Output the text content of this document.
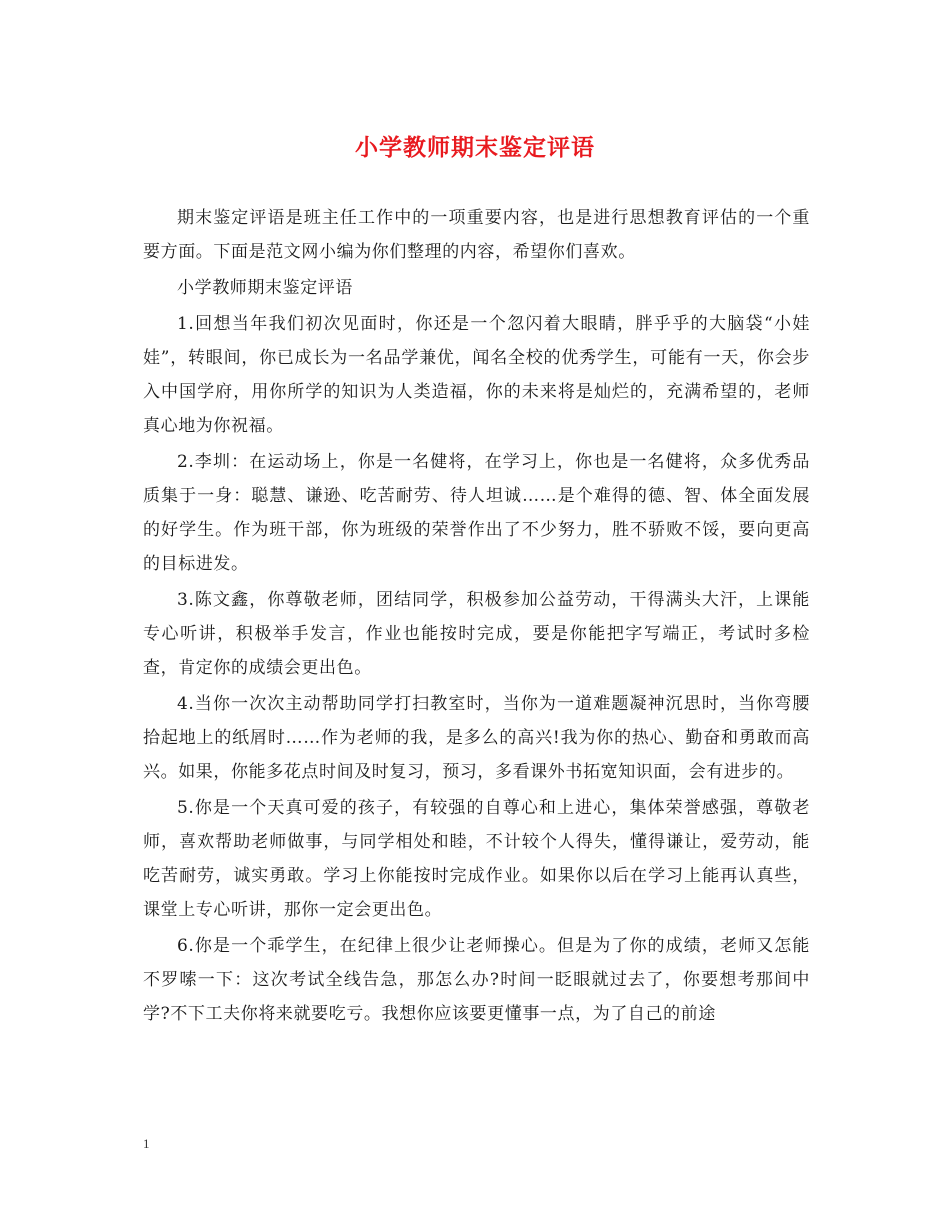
小学教师期末鉴定评语

期末鉴定评语是班主任工作中的一项重要内容，也是进行思想教育评估的一个重要方面。下面是范文网小编为你们整理的内容，希望你们喜欢。

小学教师期末鉴定评语

1.回想当年我们初次见面时，你还是一个忽闪着大眼睛，胖乎乎的大脑袋“小娃娃”，转眼间，你已成长为一名品学兼优，闻名全校的优秀学生，可能有一天，你会步入中国学府，用你所学的知识为人类造福，你的未来将是灿烂的，充满希望的，老师真心地为你祝福。

2.李圳：在运动场上，你是一名健将，在学习上，你也是一名健将，众多优秀品质集于一身：聪慧、谦逊、吃苦耐劳、待人坦诚……是个难得的德、智、体全面发展的好学生。作为班干部，你为班级的荣誉作出了不少努力，胜不骄败不馁，要向更高的目标进发。

3.陈文鑫，你尊敬老师，团结同学，积极参加公益劳动，干得满头大汗，上课能专心听讲，积极举手发言，作业也能按时完成，要是你能把字写端正，考试时多检查，肯定你的成绩会更出色。

4.当你一次次主动帮助同学打扫教室时，当你为一道难题凝神沉思时，当你弯腰拾起地上的纸屑时……作为老师的我，是多么的高兴!我为你的热心、勤奋和勇敢而高兴。如果，你能多花点时间及时复习，预习，多看课外书拓宽知识面，会有进步的。

5.你是一个天真可爱的孩子，有较强的自尊心和上进心，集体荣誉感强，尊敬老师，喜欢帮助老师做事，与同学相处和睦，不计较个人得失，懂得谦让，爱劳动，能吃苦耐劳，诚实勇敢。学习上你能按时完成作业。如果你以后在学习上能再认真些，课堂上专心听讲，那你一定会更出色。

6.你是一个乖学生，在纪律上很少让老师操心。但是为了你的成绩，老师又怎能不罗嗦一下：这次考试全线告急，那怎么办?时间一眨眼就过去了，你要想考那间中学?不下工夫你将来就要吃亏。我想你应该要更懂事一点，为了自己的前途

1
